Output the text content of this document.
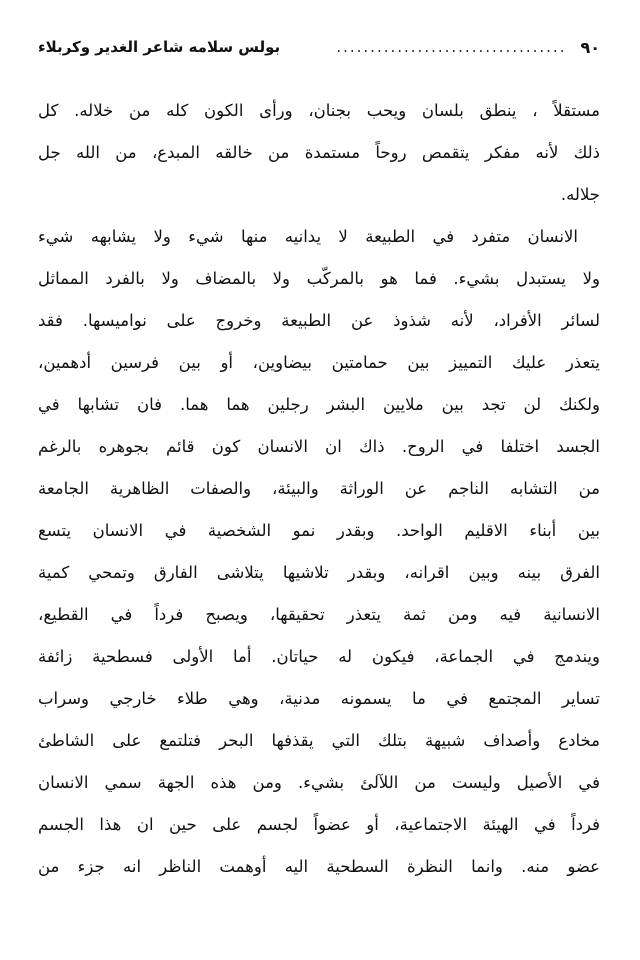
٩٠
..................................
بولس سلامه شاعر الغدير وكربلاء
مستقلاً ، ينطق بلسان ويحب بجنان، ورأى الكون كله من خلاله. كل
ذلك لأنه مفكر يتقمص روحاً مستمدة من خالقه المبدع، من الله جل
جلاله.
الانسان متفرد في الطبيعة لا يدانيه منها شيء ولا يشابهه شيء
ولا يستبدل بشيء. فما هو بالمركّب ولا بالمضاف ولا بالفرد المماثل
لسائر الأفراد، لأنه شذوذ عن الطبيعة وخروج على نواميسها. فقد
يتعذر عليك التمييز بين حمامتين بيضاوين، أو بين فرسين أدهمين،
ولكنك لن تجد بين ملايين البشر رجلين هما هما. فان تشابها في
الجسد اختلفا في الروح. ذاك ان الانسان كون قائم بجوهره بالرغم
من التشابه الناجم عن الوراثة والبيئة، والصفات الظاهرية الجامعة
بين أبناء الاقليم الواحد. وبقدر نمو الشخصية في الانسان يتسع
الفرق بينه وبين اقرانه، وبقدر تلاشيها يتلاشى الفارق وتمحي كمية
الانسانية فيه ومن ثمة يتعذر تحقيقها، ويصبح فرداً في القطيع،
ويندمج في الجماعة، فيكون له حياتان. أما الأولى فسطحية زائفة
تساير المجتمع في ما يسمونه مدنية، وهي طلاء خارجي وسراب
مخادع وأصداف شبيهة بتلك التي يقذفها البحر فتلتمع على الشاطئ
في الأصيل وليست من اللآلئ بشيء. ومن هذه الجهة سمي الانسان
فرداً في الهيئة الاجتماعية، أو عضواً لجسم على حين ان هذا الجسم
عضو منه. وانما النظرة السطحية اليه أوهمت الناظر انه جزء من
